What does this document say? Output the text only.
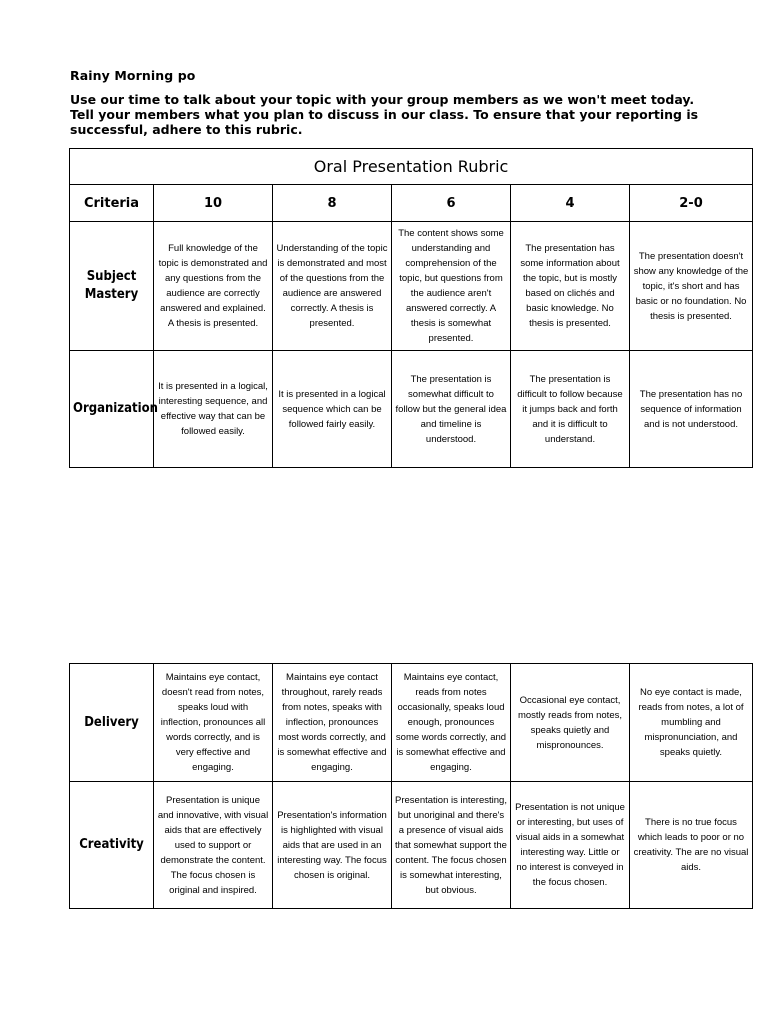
Rainy Morning po
Use our time to talk about your topic with your group members as we won't meet today. Tell your members what you plan to discuss in our class. To ensure that your reporting is successful, adhere to this rubric.
Oral Presentation Rubric					
Criteria	10	8	6	4	2-0
Subject Mastery	Full knowledge of the topic is demonstrated and any questions from the audience are correctly answered and explained. A thesis is presented.	Understanding of the topic is demonstrated and most of the questions from the audience are answered correctly. A thesis is presented.	The content shows some understanding and comprehension of the topic, but questions from the audience aren't answered correctly. A thesis is somewhat presented.	The presentation has some information about the topic, but is mostly based on clichés and basic knowledge. No thesis is presented.	The presentation doesn't show any knowledge of the topic, it's short and has basic or no foundation. No thesis is presented.
Organization	It is presented in a logical, interesting sequence, and effective way that can be followed easily.	It is presented in a logical sequence which can be followed fairly easily.	The presentation is somewhat difficult to follow but the general idea and timeline is understood.	The presentation is difficult to follow because it jumps back and forth and it is difficult to understand.	The presentation has no sequence of information and is not understood.
Delivery	Maintains eye contact, doesn't read from notes, speaks loud with inflection, pronounces all words correctly, and is very effective and engaging.	Maintains eye contact throughout, rarely reads from notes, speaks with inflection, pronounces most words correctly, and is somewhat effective and engaging.	Maintains eye contact, reads from notes occasionally, speaks loud enough, pronounces some words correctly, and is somewhat effective and engaging.	Occasional eye contact, mostly reads from notes, speaks quietly and mispronounces.	No eye contact is made, reads from notes, a lot of mumbling and mispronunciation, and speaks quietly.
Creativity	Presentation is unique and innovative, with visual aids that are effectively used to support or demonstrate the content. The focus chosen is original and inspired.	Presentation's information is highlighted with visual aids that are used in an interesting way. The focus chosen is original.	Presentation is interesting, but unoriginal and there's a presence of visual aids that somewhat support the content. The focus chosen is somewhat interesting, but obvious.	Presentation is not unique or interesting, but uses of visual aids in a somewhat interesting way. Little or no interest is conveyed in the focus chosen.	There is no true focus which leads to poor or no creativity. The are no visual aids.
